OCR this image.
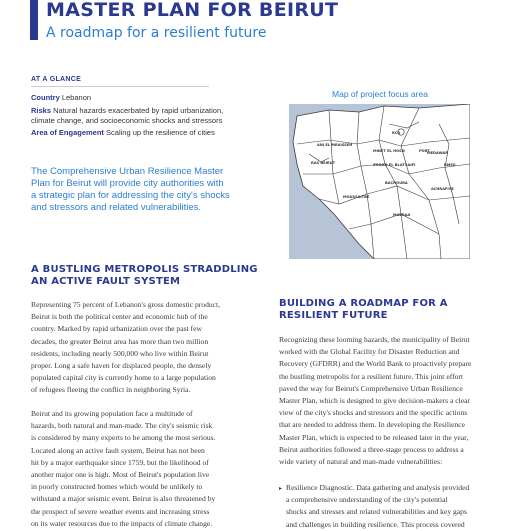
MASTER PLAN FOR BEIRUT
A roadmap for a resilient future
AT A GLANCE
Country Lebanon
Risks Natural hazards exacerbated by rapid urbanization,
climate change, and socioeconomic shocks and stressors
Area of Engagement Scaling up the resilience of cities
The Comprehensive Urban Resilience Master
Plan for Beirut will provide city authorities with
a strategic plan for addressing the city's shocks
and stressors and related vulnerabilities.
Map of project focus area
RCD
AIN EL MRAISSEH
MINET EL HOSN
RAS BEIRUT	ZOQAQ EL BLAT SAIFI
MEDAWAR
RMEIL
BACHOURA
MOUSSAITBE
ACHRAFIYE
PORT
MAZRAA
A BUSTLING METROPOLIS STRADDLING
AN ACTIVE FAULT SYSTEM
Representing 75 percent of Lebanon's gross domestic product,
Beirut is both the political center and economic hub of the
country. Marked by rapid urbanization over the past few
decades, the greater Beirut area has more than two million
residents, including nearly 500,000 who live within Beirut
proper. Long a safe haven for displaced people, the densely
populated capital city is currently home to a large population
of refugees fleeing the conflict in neighboring Syria.
Beirut and its growing population face a multitude of
hazards, both natural and man-made. The city's seismic risk
is considered by many experts to be among the most serious.
Located along an active fault system, Beirut has not been
hit by a major earthquake since 1759, but the likelihood of
another major one is high. Most of Beirut's population live
in poorly constructed homes which would be unlikely to
withstand a major seismic event. Beirut is also threatened by
the prospect of severe weather events and increasing stress
on its water resources due to the impacts of climate change.
BUILDING A ROADMAP FOR A
RESILIENT FUTURE
Recognizing these looming hazards, the municipality of Beirut
worked with the Global Facility for Disaster Reduction and
Recovery (GFDRR) and the World Bank to proactively prepare
the bustling metropolis for a resilient future. This joint effort
paved the way for Beirut's Comprehensive Urban Resilience
Master Plan, which is designed to give decision-makers a clear
view of the city's shocks and stressors and the specific actions
that are needed to address them. In developing the Resilience
Master Plan, which is expected to be released later in the year,
Beirut authorities followed a three-stage process to address a
wide variety of natural and man-made vulnerabilities:
▸ Resilience Diagnostic. Data gathering and analysis provided
a comprehensive understanding of the city's potential
shocks and stresses and related vulnerabilities and key gaps
and challenges in building resilience. This process covered
